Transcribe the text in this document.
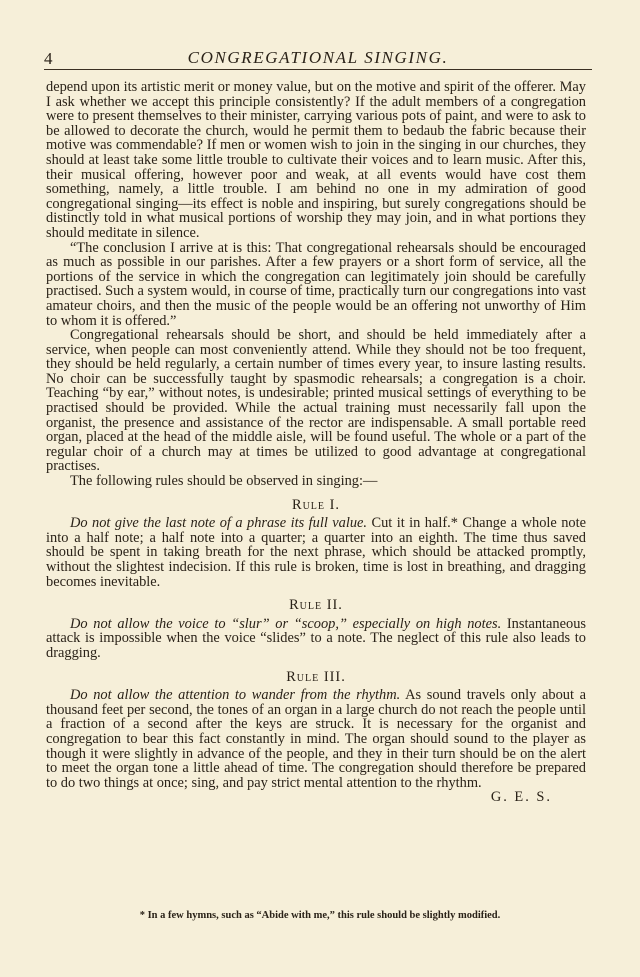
4	CONGREGATIONAL SINGING.

depend upon its artistic merit or money value, but on the motive and spirit of the offerer. May I ask whether we accept this principle consistently? If the adult members of a congregation were to present themselves to their minister, carrying various pots of paint, and were to ask to be allowed to decorate the church, would he permit them to bedaub the fabric because their motive was commendable? If men or women wish to join in the singing in our churches, they should at least take some little trouble to cultivate their voices and to learn music. After this, their musical offering, however poor and weak, at all events would have cost them something, namely, a little trouble. I am behind no one in my admiration of good congregational singing—its effect is noble and inspiring, but surely congregations should be distinctly told in what musical portions of worship they may join, and in what portions they should meditate in silence.

“The conclusion I arrive at is this: That congregational rehearsals should be encouraged as much as possible in our parishes. After a few prayers or a short form of service, all the portions of the service in which the congregation can legitimately join should be carefully practised. Such a system would, in course of time, practically turn our congregations into vast amateur choirs, and then the music of the people would be an offering not unworthy of Him to whom it is offered.”

Congregational rehearsals should be short, and should be held immediately after a service, when people can most conveniently attend. While they should not be too frequent, they should be held regularly, a certain number of times every year, to insure lasting results. No choir can be successfully taught by spasmodic rehearsals; a congregation is a choir. Teaching “by ear,” without notes, is undesirable; printed musical settings of everything to be practised should be provided. While the actual training must necessarily fall upon the organist, the presence and assistance of the rector are indispensable. A small portable reed organ, placed at the head of the middle aisle, will be found useful. The whole or a part of the regular choir of a church may at times be utilized to good advantage at congregational practises.

The following rules should be observed in singing:—

Rule I.

Do not give the last note of a phrase its full value. Cut it in half.* Change a whole note into a half note; a half note into a quarter; a quarter into an eighth. The time thus saved should be spent in taking breath for the next phrase, which should be attacked promptly, without the slightest indecision. If this rule is broken, time is lost in breathing, and dragging becomes inevitable.

Rule II.

Do not allow the voice to “slur” or “scoop,” especially on high notes. Instantaneous attack is impossible when the voice “slides” to a note. The neglect of this rule also leads to dragging.

Rule III.

Do not allow the attention to wander from the rhythm. As sound travels only about a thousand feet per second, the tones of an organ in a large church do not reach the people until a fraction of a second after the keys are struck. It is necessary for the organist and congregation to bear this fact constantly in mind. The organ should sound to the player as though it were slightly in advance of the people, and they in their turn should be on the alert to meet the organ tone a little ahead of time. The congregation should therefore be prepared to do two things at once; sing, and pay strict mental attention to the rhythm.

G. E. S.

* In a few hymns, such as “Abide with me,” this rule should be slightly modified.
